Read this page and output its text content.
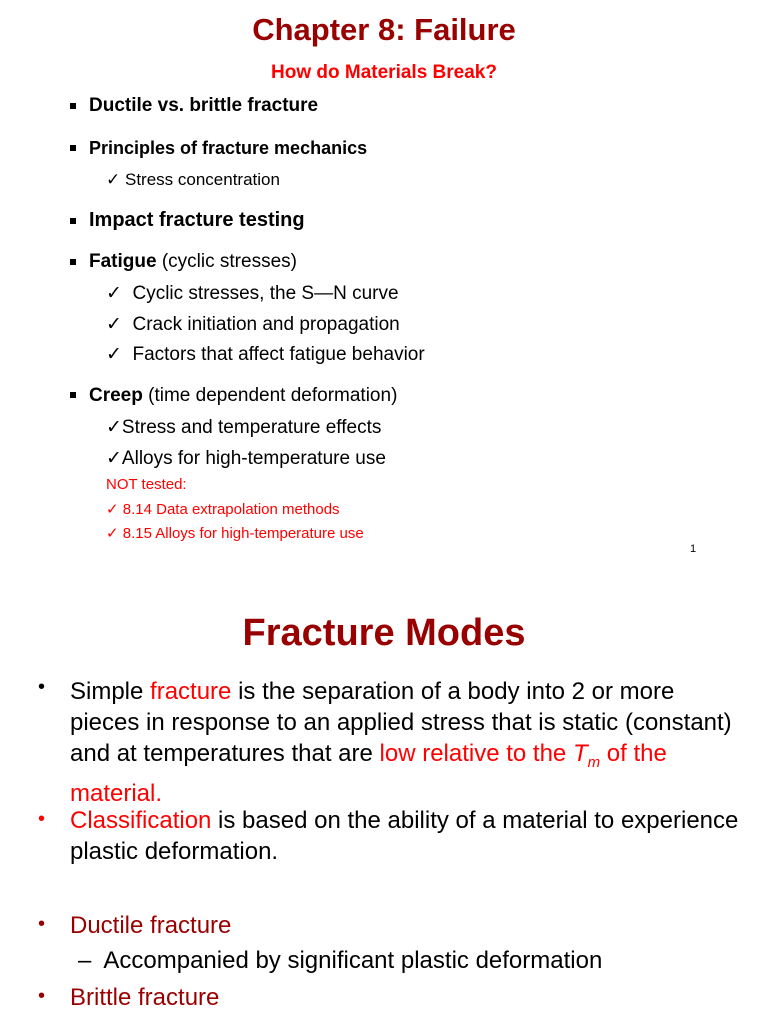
Chapter 8: Failure
How do Materials Break?
Ductile vs. brittle fracture
Principles of fracture mechanics
✓ Stress concentration
Impact fracture testing
Fatigue (cyclic stresses)
✓ Cyclic stresses, the S—N curve
✓ Crack initiation and propagation
✓ Factors that affect fatigue behavior
Creep (time dependent deformation)
✓Stress and temperature effects
✓Alloys for high-temperature use
NOT tested:
✓ 8.14 Data extrapolation methods
✓ 8.15 Alloys for high-temperature use
1
Fracture Modes
• Simple fracture is the separation of a body into 2 or more pieces in response to an applied stress that is static (constant) and at temperatures that are low relative to the $T_m$ of the material.
• Classification is based on the ability of a material to experience plastic deformation.
• Ductile fracture
– Accompanied by significant plastic deformation
• Brittle fracture
